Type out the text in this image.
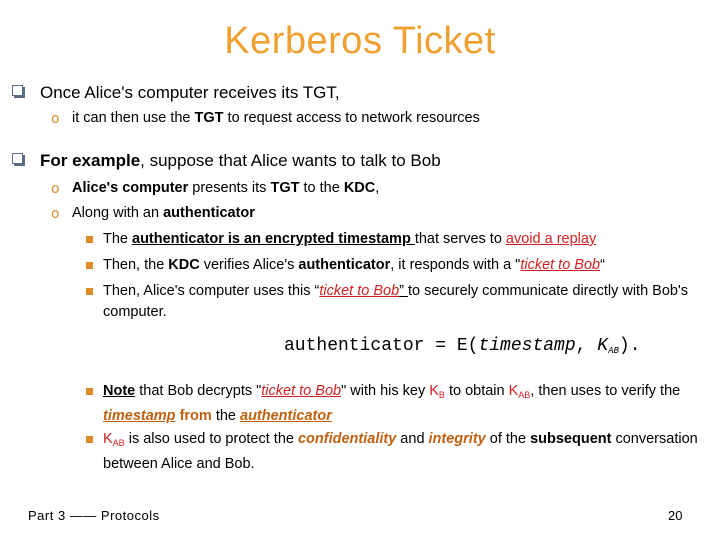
Kerberos Ticket
Once Alice's computer receives its TGT,
o it can then use the TGT to request access to network resources
For example, suppose that Alice wants to talk to Bob
o Alice's computer presents its TGT to the KDC,
o Along with an authenticator
The authenticator is an encrypted timestamp that serves to avoid a replay
Then, the KDC verifies Alice's authenticator, it responds with a "ticket to Bob“
Then, Alice's computer uses this “ticket to Bob” to securely communicate directly with Bob's computer.
authenticator = E(timestamp, $K_{AB}$).
Note that Bob decrypts "ticket to Bob" with his key $K_B$ to obtain $K_{AB}$, then uses to verify the timestamp from the authenticator
$K_{AB}$ is also used to protect the confidentiality and integrity of the subsequent conversation between Alice and Bob.
Part 3 —— Protocols	20
